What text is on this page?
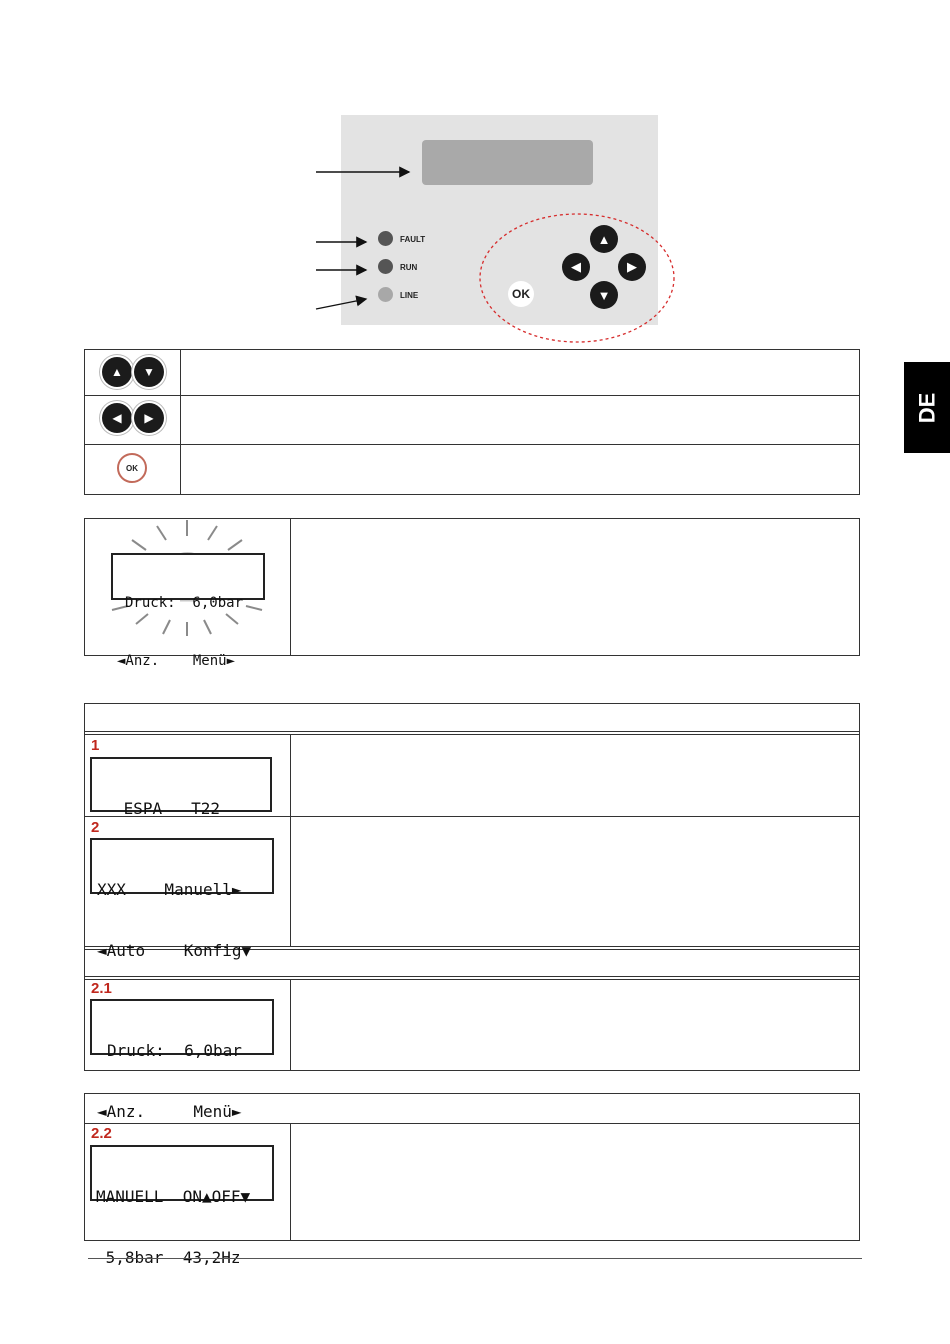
FAULT
RUN
LINE
▲
◀	▶
▼
OK
▲	▼
◀	▶
OK

Druck:  6,0bar

◄Anz.    Menü►

1

ESPA   T22

2

XXX    Manuell►

◄Auto    Konfig▼

2.1

Druck:  6,0bar

◄Anz.     Menü►

2.2

MANUELL  ON▲OFF▼

5,8bar  43,2Hz

DE
